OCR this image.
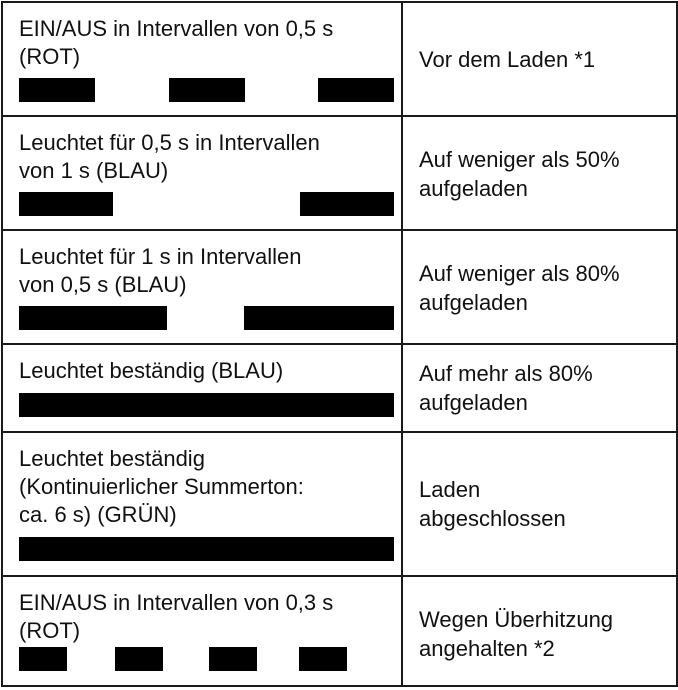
EIN/AUS in Intervallen von 0,5 s
(ROT)	Vor dem Laden *1

Leuchtet für 0,5 s in Intervallen
von 1 s (BLAU)	Auf weniger als 50%
aufgeladen

Leuchtet für 1 s in Intervallen
von 0,5 s (BLAU)	Auf weniger als 80%
aufgeladen

Leuchtet beständig (BLAU)	Auf mehr als 80%
aufgeladen

Leuchtet beständig
(Kontinuierlicher Summerton:
ca. 6 s) (GRÜN)	Laden
abgeschlossen

EIN/AUS in Intervallen von 0,3 s
(ROT)	Wegen Überhitzung
angehalten *2
